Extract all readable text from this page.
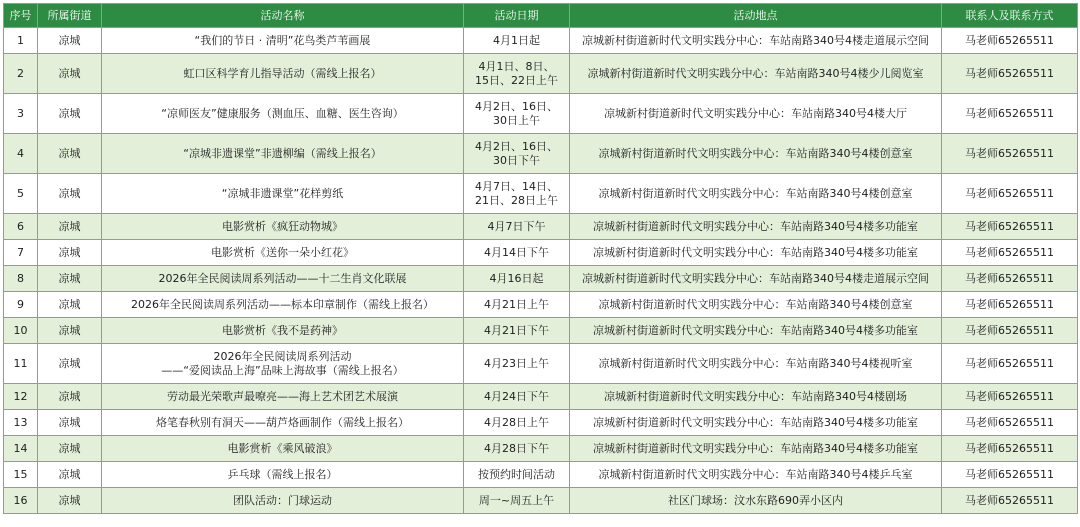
序号	所属街道	活动名称	活动日期	活动地点	联系人及联系方式
1	凉城	“我们的节日 · 清明”花鸟类芦苇画展	4月1日起	凉城新村街道新时代文明实践分中心：车站南路340号4楼走道展示空间	马老师65265511
2	凉城	虹口区科学育儿指导活动（需线上报名）	4月1日、8日、
15日、22日上午	凉城新村街道新时代文明实践分中心：车站南路340号4楼少儿阅览室	马老师65265511
3	凉城	“凉师医友”健康服务（测血压、血糖、医生咨询）	4月2日、16日、
30日上午	凉城新村街道新时代文明实践分中心：车站南路340号4楼大厅	马老师65265511
4	凉城	“凉城非遗课堂”非遗柳编（需线上报名）	4月2日、16日、
30日下午	凉城新村街道新时代文明实践分中心：车站南路340号4楼创意室	马老师65265511
5	凉城	“凉城非遗课堂”花样剪纸	4月7日、14日、
21日、28日上午	凉城新村街道新时代文明实践分中心：车站南路340号4楼创意室	马老师65265511
6	凉城	电影赏析《疯狂动物城》	4月7日下午	凉城新村街道新时代文明实践分中心：车站南路340号4楼多功能室	马老师65265511
7	凉城	电影赏析《送你一朵小红花》	4月14日下午	凉城新村街道新时代文明实践分中心：车站南路340号4楼多功能室	马老师65265511
8	凉城	2026年全民阅读周系列活动——十二生肖文化联展	4月16日起	凉城新村街道新时代文明实践分中心：车站南路340号4楼走道展示空间	马老师65265511
9	凉城	2026年全民阅读周系列活动——标本印章制作（需线上报名）	4月21日上午	凉城新村街道新时代文明实践分中心：车站南路340号4楼创意室	马老师65265511
10	凉城	电影赏析《我不是药神》	4月21日下午	凉城新村街道新时代文明实践分中心：车站南路340号4楼多功能室	马老师65265511
11	凉城	2026年全民阅读周系列活动
——“爱阅读品上海”品味上海故事（需线上报名）	4月23日上午	凉城新村街道新时代文明实践分中心：车站南路340号4楼视听室	马老师65265511
12	凉城	劳动最光荣歌声最嘹亮——海上艺术团艺术展演	4月24日下午	凉城新村街道新时代文明实践分中心：车站南路340号4楼剧场	马老师65265511
13	凉城	烙笔春秋别有洞天——葫芦烙画制作（需线上报名）	4月28日上午	凉城新村街道新时代文明实践分中心：车站南路340号4楼多功能室	马老师65265511
14	凉城	电影赏析《乘风破浪》	4月28日下午	凉城新村街道新时代文明实践分中心：车站南路340号4楼多功能室	马老师65265511
15	凉城	乒乓球（需线上报名）	按预约时间活动	凉城新村街道新时代文明实践分中心：车站南路340号4楼乒乓室	马老师65265511
16	凉城	团队活动：门球运动	周一~周五上午	社区门球场：汶水东路690弄小区内	马老师65265511
